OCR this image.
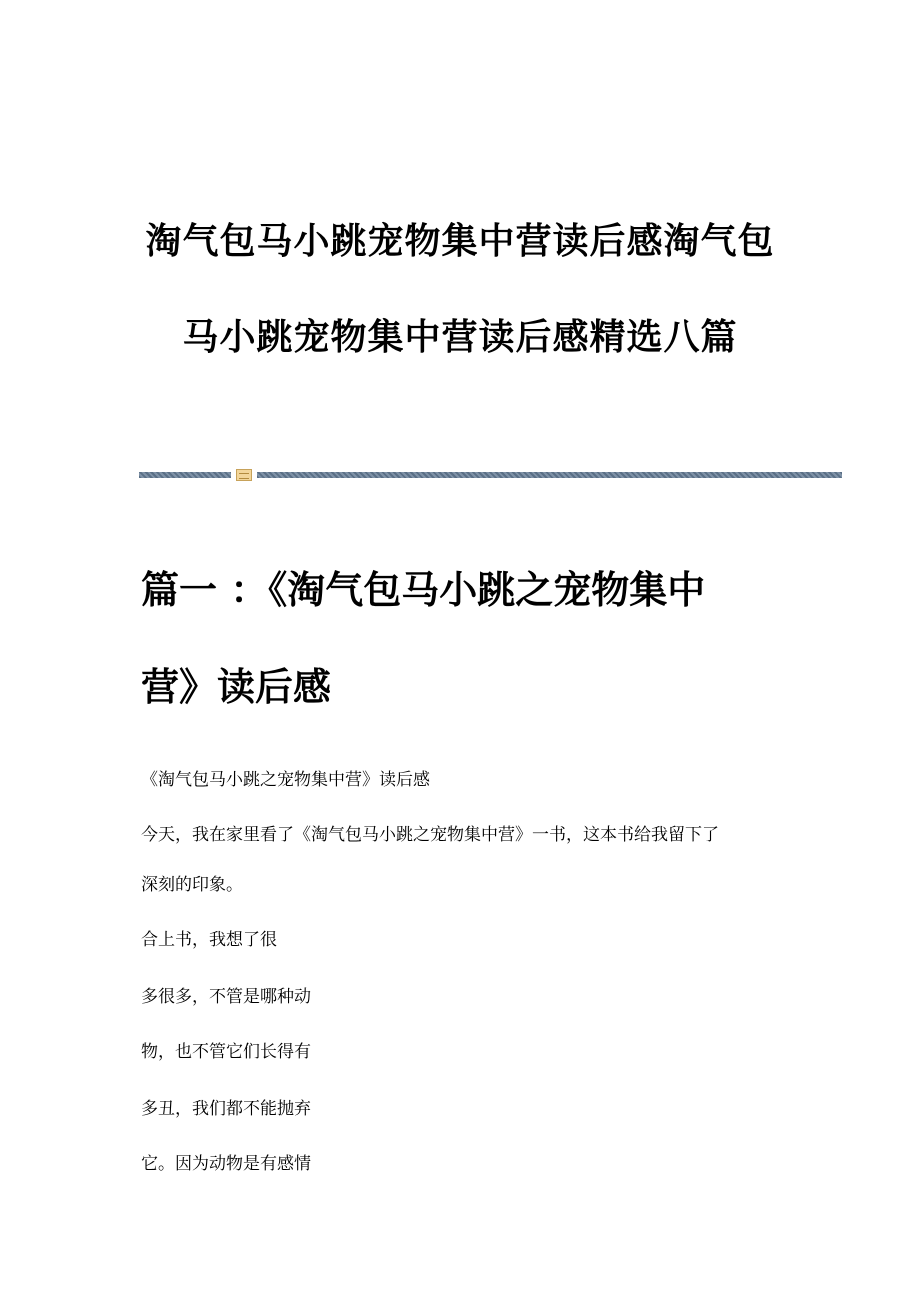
淘气包马小跳宠物集中营读后感淘气包
马小跳宠物集中营读后感精选八篇
篇一 ：《淘气包马小跳之宠物集中
营》读后感
《淘气包马小跳之宠物集中营》读后感
今天，我在家里看了《淘气包马小跳之宠物集中营》一书，这本书给我留下了
深刻的印象。
合上书，我想了很
多很多，不管是哪种动
物，也不管它们长得有
多丑，我们都不能抛弃
它。因为动物是有感情
